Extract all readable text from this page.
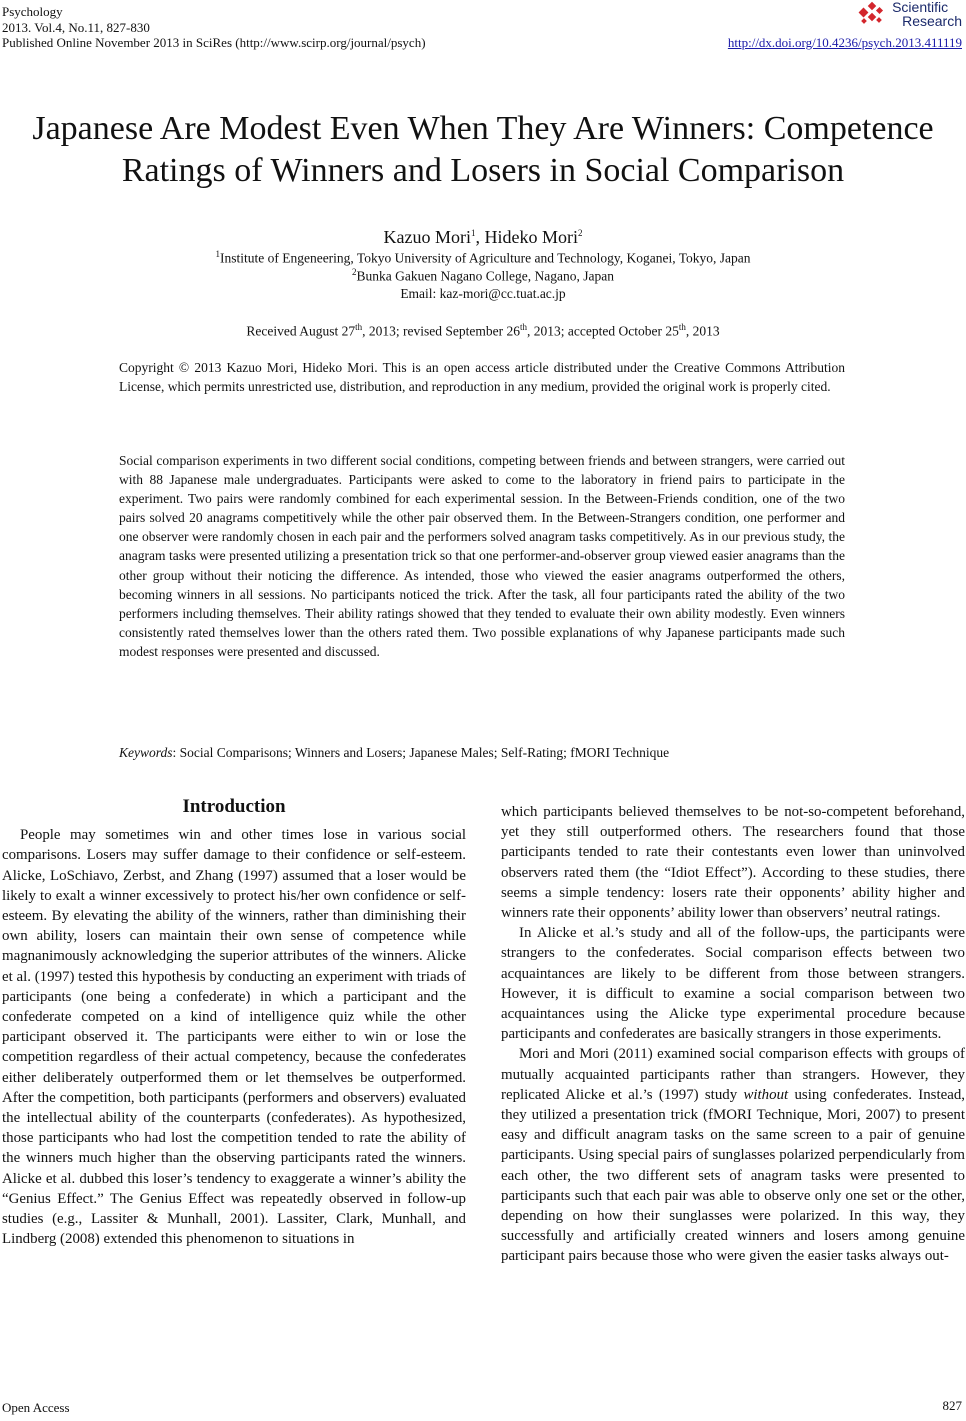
Psychology
2013. Vol.4, No.11, 827-830
Published Online November 2013 in SciRes (http://www.scirp.org/journal/psych)	http://dx.doi.org/10.4236/psych.2013.411119
Scientific
Research
Japanese Are Modest Even When They Are Winners: Competence
Ratings of Winners and Losers in Social Comparison
Kazuo Mori$^1$, Hideko Mori$^2$
$^1$Institute of Engeneering, Tokyo University of Agriculture and Technology, Koganei, Tokyo, Japan
$^2$Bunka Gakuen Nagano College, Nagano, Japan
Email: kaz-mori@cc.tuat.ac.jp
Received August 27th, 2013; revised September 26th, 2013; accepted October 25th, 2013
Copyright © 2013 Kazuo Mori, Hideko Mori. This is an open access article distributed under the Creative Commons Attribution License, which permits unrestricted use, distribution, and reproduction in any medium, provided the original work is properly cited.
Social comparison experiments in two different social conditions, competing between friends and between strangers, were carried out with 88 Japanese male undergraduates. Participants were asked to come to the laboratory in friend pairs to participate in the experiment. Two pairs were randomly combined for each experimental session. In the Between-Friends condition, one of the two pairs solved 20 anagrams competitively while the other pair observed them. In the Between-Strangers condition, one performer and one observer were randomly chosen in each pair and the performers solved anagram tasks competitively. As in our previous study, the anagram tasks were presented utilizing a presentation trick so that one performer-and-observer group viewed easier anagrams than the other group without their noticing the difference. As intended, those who viewed the easier anagrams outperformed the others, becoming winners in all sessions. No participants noticed the trick. After the task, all four participants rated the ability of the two performers including themselves. Their ability ratings showed that they tended to evaluate their own ability modestly. Even winners consistently rated themselves lower than the others rated them. Two possible explanations of why Japanese participants made such modest responses were presented and discussed.
Keywords: Social Comparisons; Winners and Losers; Japanese Males; Self-Rating; fMORI Technique
Introduction

People may sometimes win and other times lose in various social comparisons. Losers may suffer damage to their confidence or self-esteem. Alicke, LoSchiavo, Zerbst, and Zhang (1997) assumed that a loser would be likely to exalt a winner excessively to protect his/her own confidence or self-esteem. By elevating the ability of the winners, rather than diminishing their own ability, losers can maintain their own sense of competence while magnanimously acknowledging the superior attributes of the winners. Alicke et al. (1997) tested this hypothesis by conducting an experiment with triads of participants (one being a confederate) in which a participant and the confederate competed on a kind of intelligence quiz while the other participant observed it. The participants were either to win or lose the competition regardless of their actual competency, because the confederates either deliberately outperformed them or let themselves be outperformed. After the competition, both participants (performers and observers) evaluated the intellectual ability of the counterparts (confederates). As hypothesized, those participants who had lost the competition tended to rate the ability of the winners much higher than the observing participants rated the winners. Alicke et al. dubbed this loser’s tendency to exaggerate a winner’s ability the “Genius Effect.” The Genius Effect was repeatedly observed in follow-up studies (e.g., Lassiter & Munhall, 2001). Lassiter, Clark, Munhall, and Lindberg (2008) extended this phenomenon to situations in

which participants believed themselves to be not-so-competent beforehand, yet they still outperformed others. The researchers found that those participants tended to rate their contestants even lower than uninvolved observers rated them (the “Idiot Effect”). According to these studies, there seems a simple tendency: losers rate their opponents’ ability higher and winners rate their opponents’ ability lower than observers’ neutral ratings.

In Alicke et al.’s study and all of the follow-ups, the participants were strangers to the confederates. Social comparison effects between two acquaintances are likely to be different from those between strangers. However, it is difficult to examine a social comparison between two acquaintances using the Alicke type experimental procedure because participants and confederates are basically strangers in those experiments.

Mori and Mori (2011) examined social comparison effects with groups of mutually acquainted participants rather than strangers. However, they replicated Alicke et al.’s (1997) study without using confederates. Instead, they utilized a presentation trick (fMORI Technique, Mori, 2007) to present easy and difficult anagram tasks on the same screen to a pair of genuine participants. Using special pairs of sunglasses polarized perpendicularly from each other, the two different sets of anagram tasks were presented to participants such that each pair was able to observe only one set or the other, depending on how their sunglasses were polarized. In this way, they successfully and artificially created winners and losers among genuine participant pairs because those who were given the easier tasks always out-

Open Access	827
